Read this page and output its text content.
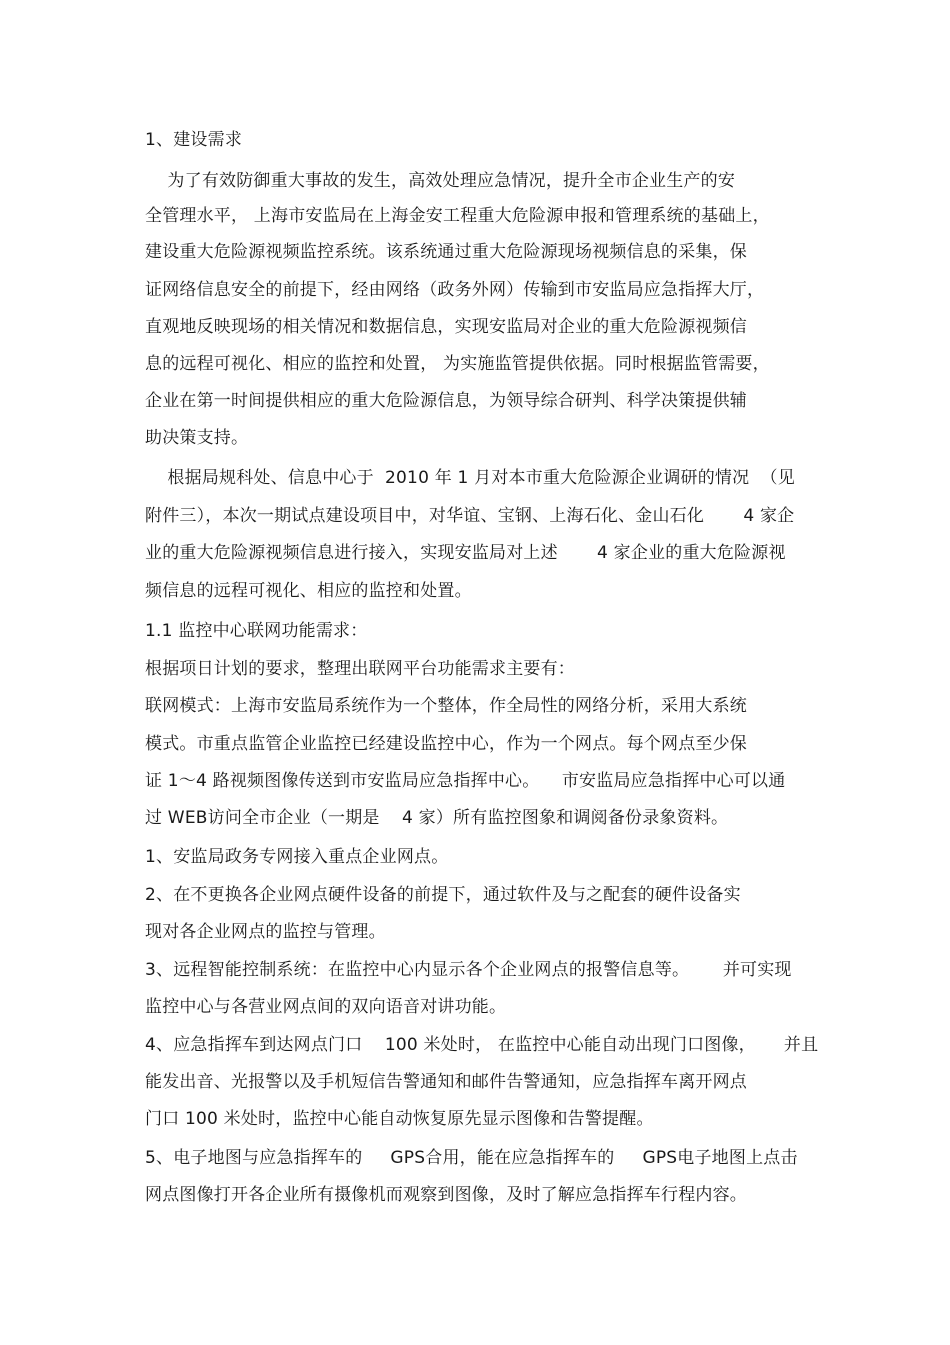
1、建设需求
为了有效防御重大事故的发生，高效处理应急情况，提升全市企业生产的安
全管理水平， 上海市安监局在上海金安工程重大危险源申报和管理系统的基础上，
建设重大危险源视频监控系统。该系统通过重大危险源现场视频信息的采集，保
证网络信息安全的前提下，经由网络（政务外网）传输到市安监局应急指挥大厅，
直观地反映现场的相关情况和数据信息，实现安监局对企业的重大危险源视频信
息的远程可视化、相应的监控和处置， 为实施监管提供依据。同时根据监管需要，
企业在第一时间提供相应的重大危险源信息，为领导综合研判、科学决策提供辅
助决策支持。
根据局规科处、信息中心于  2010 年 1 月对本市重大危险源企业调研的情况  （见
附件三），本次一期试点建设项目中，对华谊、宝钢、上海石化、金山石化       4 家企
业的重大危险源视频信息进行接入，实现安监局对上述       4 家企业的重大危险源视
频信息的远程可视化、相应的监控和处置。
1.1 监控中心联网功能需求：
根据项日计划的要求，整理出联网平台功能需求主要有：
联网模式：上海市安监局系统作为一个整体，作全局性的网络分析，采用大系统
模式。市重点监管企业监控已经建设监控中心，作为一个网点。每个网点至少保
证 1～4 路视频图像传送到市安监局应急指挥中心。    市安监局应急指挥中心可以通
过 WEB访问全市企业（一期是    4 家）所有监控图象和调阅备份录象资料。
1、安监局政务专网接入重点企业网点。
2、在不更换各企业网点硬件设备的前提下，通过软件及与之配套的硬件设备实
现对各企业网点的监控与管理。
3、远程智能控制系统：在监控中心内显示各个企业网点的报警信息等。      并可实现
监控中心与各营业网点间的双向语音对讲功能。
4、应急指挥车到达网点门口    100 米处时， 在监控中心能自动出现门口图像，     并且
能发出音、光报警以及手机短信告警通知和邮件告警通知，应急指挥车离开网点
门口 100 米处时，监控中心能自动恢复原先显示图像和告警提醒。
5、电子地图与应急指挥车的     GPS合用，能在应急指挥车的     GPS电子地图上点击
网点图像打开各企业所有摄像机而观察到图像，及时了解应急指挥车行程内容。
